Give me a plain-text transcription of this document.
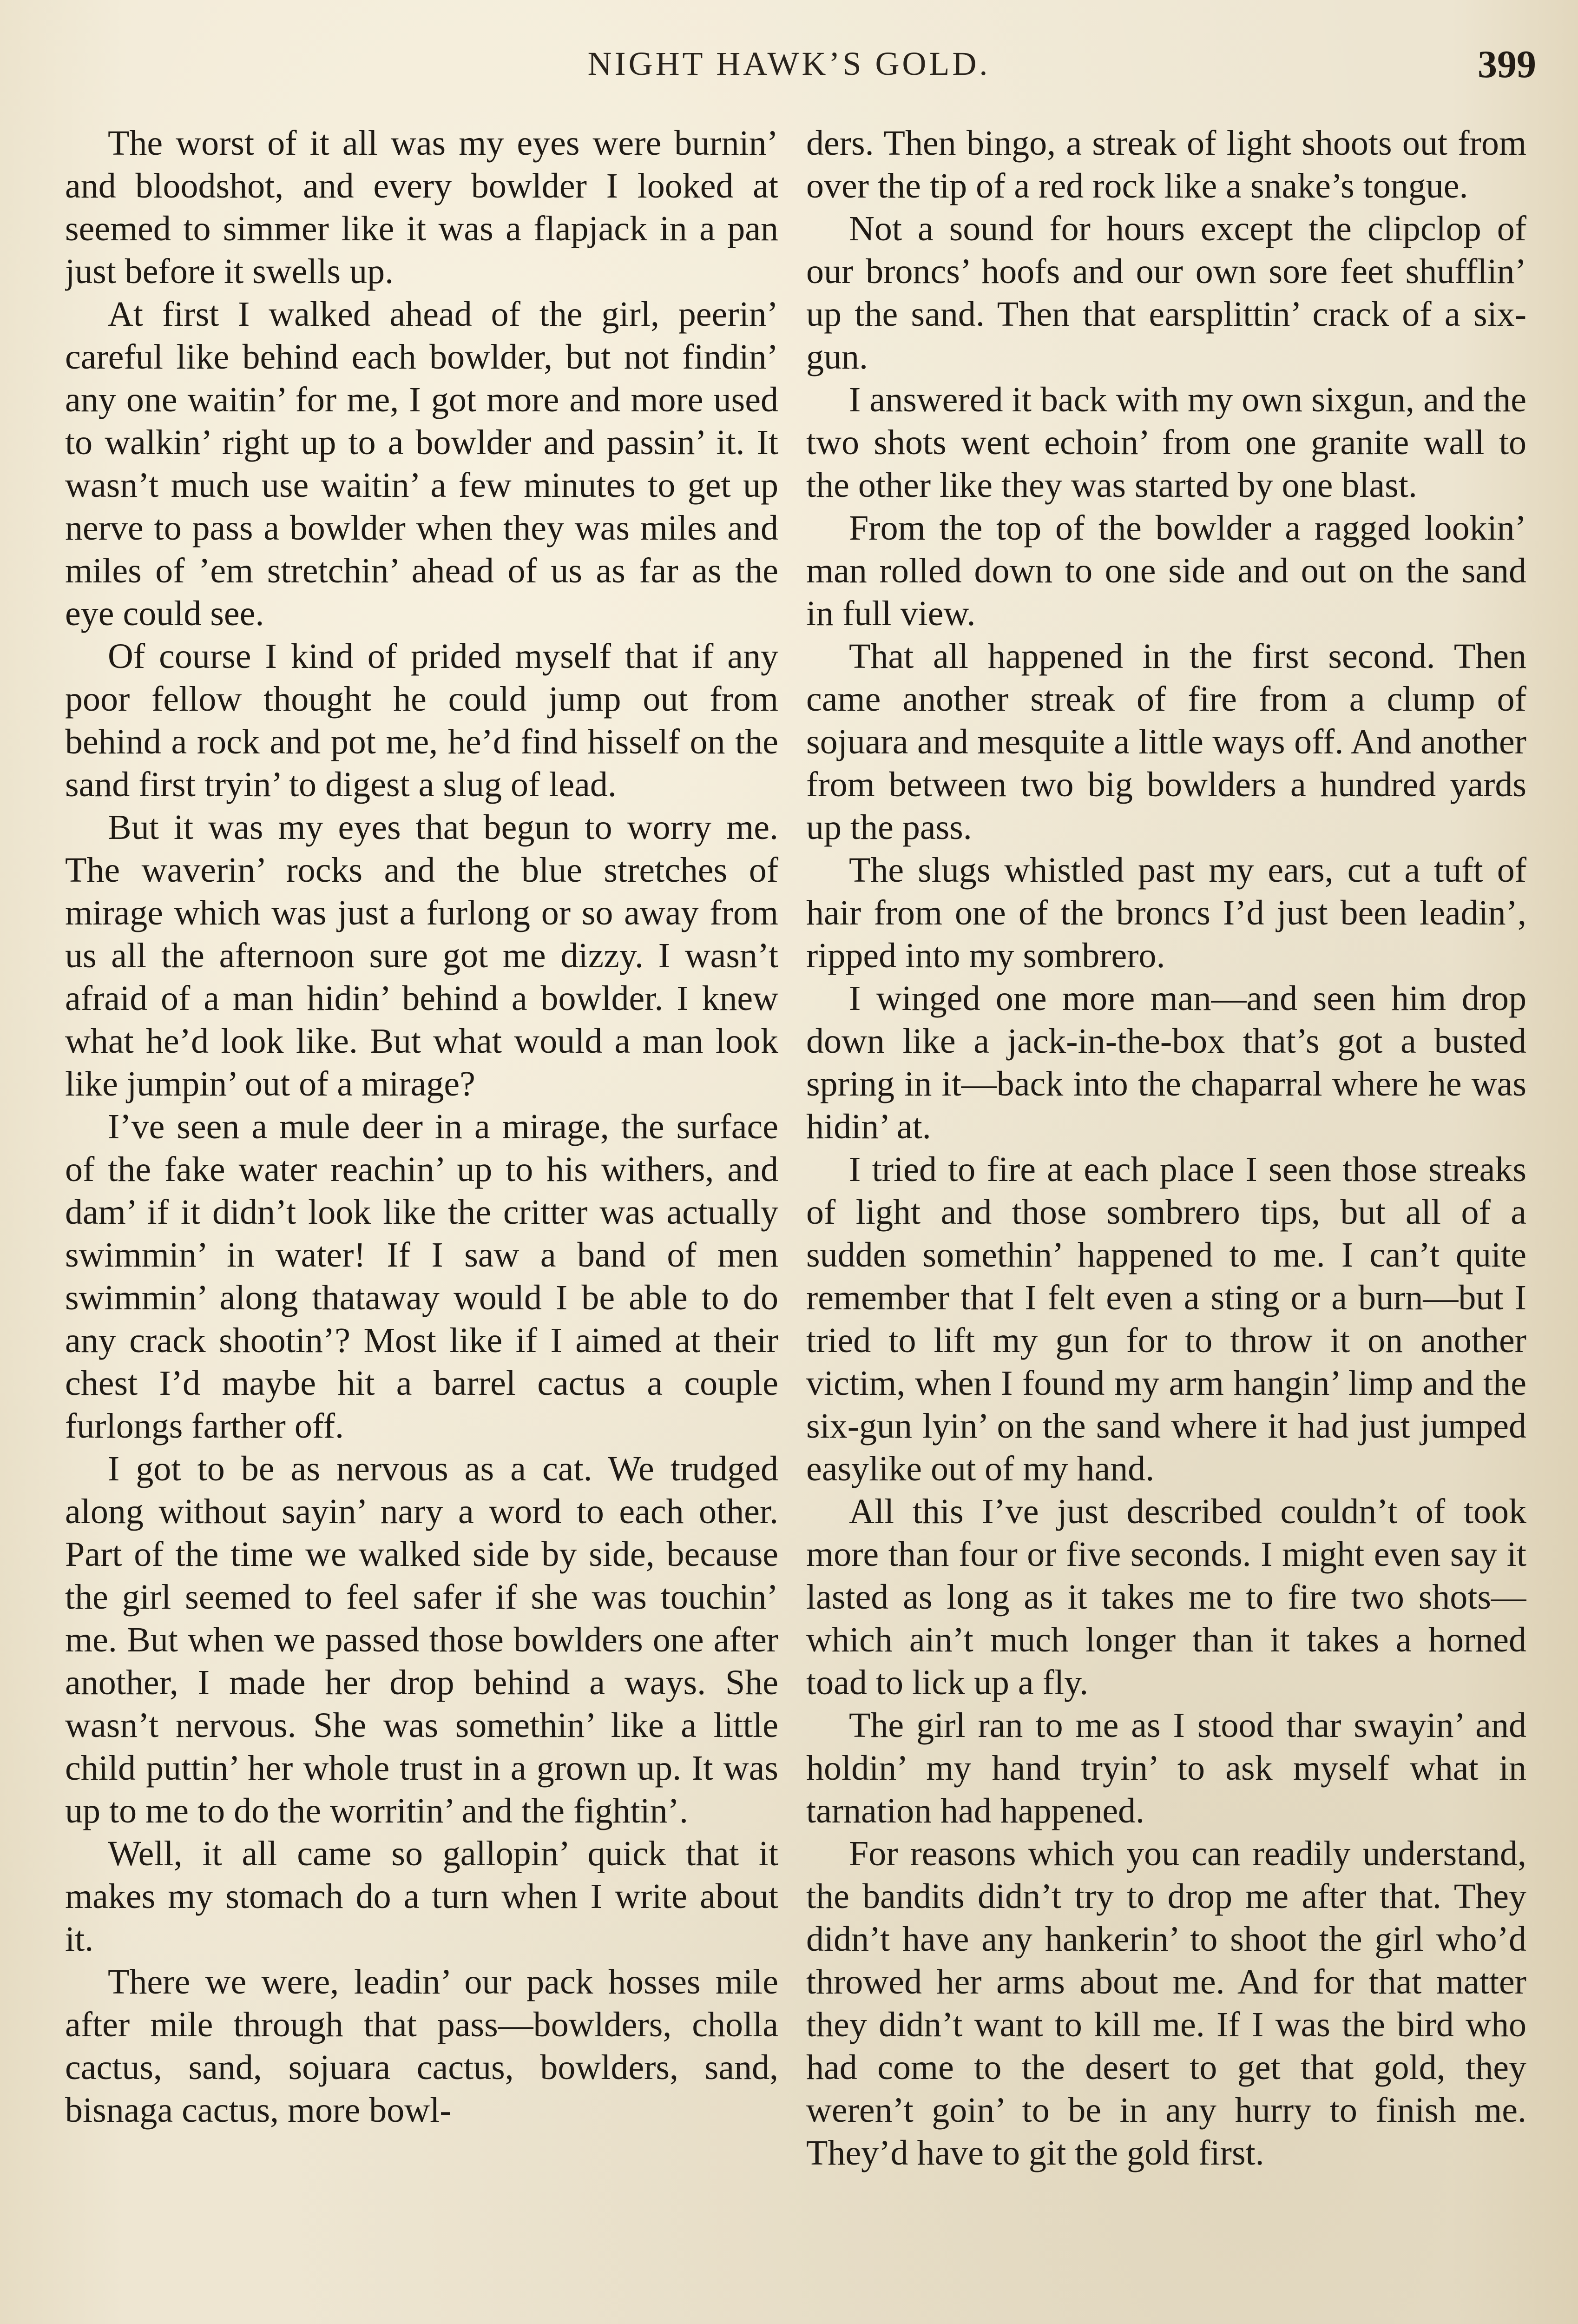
NIGHT HAWK’S GOLD.	399

The worst of it all was my eyes were burnin’ and bloodshot, and every bowlder I looked at seemed to simmer like it was a flapjack in a pan just before it swells up.

At first I walked ahead of the girl, peerin’ careful like behind each bowlder, but not findin’ any one waitin’ for me, I got more and more used to walkin’ right up to a bowlder and passin’ it. It wasn’t much use waitin’ a few minutes to get up nerve to pass a bowlder when they was miles and miles of ’em stretchin’ ahead of us as far as the eye could see.

Of course I kind of prided myself that if any poor fellow thought he could jump out from behind a rock and pot me, he’d find hisself on the sand first tryin’ to digest a slug of lead.

But it was my eyes that begun to worry me. The waverin’ rocks and the blue stretches of mirage which was just a furlong or so away from us all the afternoon sure got me dizzy. I wasn’t afraid of a man hidin’ behind a bowlder. I knew what he’d look like. But what would a man look like jumpin’ out of a mirage?

I’ve seen a mule deer in a mirage, the surface of the fake water reachin’ up to his withers, and dam’ if it didn’t look like the critter was actually swimmin’ in water! If I saw a band of men swimmin’ along thataway would I be able to do any crack shootin’? Most like if I aimed at their chest I’d maybe hit a barrel cactus a couple furlongs farther off.

I got to be as nervous as a cat. We trudged along without sayin’ nary a word to each other. Part of the time we walked side by side, because the girl seemed to feel safer if she was touchin’ me. But when we passed those bowlders one after another, I made her drop behind a ways. She wasn’t nervous. She was somethin’ like a little child puttin’ her whole trust in a grown up. It was up to me to do the worritin’ and the fightin’.

Well, it all came so gallopin’ quick that it makes my stomach do a turn when I write about it.

There we were, leadin’ our pack hosses mile after mile through that pass—bowlders, cholla cactus, sand, sojuara cactus, bowlders, sand, bisnaga cactus, more bowl-

ders. Then bingo, a streak of light shoots out from over the tip of a red rock like a snake’s tongue.

Not a sound for hours except the clipclop of our broncs’ hoofs and our own sore feet shufflin’ up the sand. Then that earsplittin’ crack of a six-gun.

I answered it back with my own sixgun, and the two shots went echoin’ from one granite wall to the other like they was started by one blast.

From the top of the bowlder a ragged lookin’ man rolled down to one side and out on the sand in full view.

That all happened in the first second. Then came another streak of fire from a clump of sojuara and mesquite a little ways off. And another from between two big bowlders a hundred yards up the pass.

The slugs whistled past my ears, cut a tuft of hair from one of the broncs I’d just been leadin’, ripped into my sombrero.

I winged one more man—and seen him drop down like a jack-in-the-box that’s got a busted spring in it—back into the chaparral where he was hidin’ at.

I tried to fire at each place I seen those streaks of light and those sombrero tips, but all of a sudden somethin’ happened to me. I can’t quite remember that I felt even a sting or a burn—but I tried to lift my gun for to throw it on another victim, when I found my arm hangin’ limp and the six-gun lyin’ on the sand where it had just jumped easylike out of my hand.

All this I’ve just described couldn’t of took more than four or five seconds. I might even say it lasted as long as it takes me to fire two shots—which ain’t much longer than it takes a horned toad to lick up a fly.

The girl ran to me as I stood thar swayin’ and holdin’ my hand tryin’ to ask myself what in tarnation had happened.

For reasons which you can readily understand, the bandits didn’t try to drop me after that. They didn’t have any hankerin’ to shoot the girl who’d throwed her arms about me. And for that matter they didn’t want to kill me. If I was the bird who had come to the desert to get that gold, they weren’t goin’ to be in any hurry to finish me. They’d have to git the gold first.
